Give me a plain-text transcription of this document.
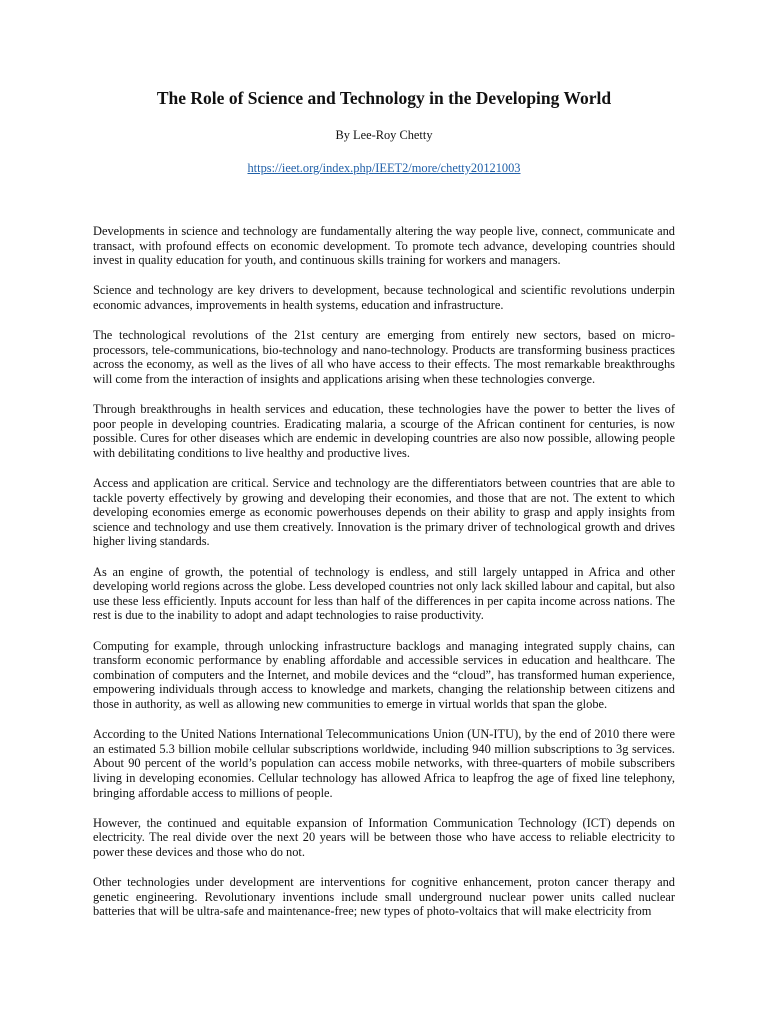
The Role of Science and Technology in the Developing World

By Lee-Roy Chetty

https://ieet.org/index.php/IEET2/more/chetty20121003

Developments in science and technology are fundamentally altering the way people live, connect, communicate and transact, with profound effects on economic development. To promote tech advance, developing countries should invest in quality education for youth, and continuous skills training for workers and managers.

Science and technology are key drivers to development, because technological and scientific revolutions underpin economic advances, improvements in health systems, education and infrastructure.

The technological revolutions of the 21st century are emerging from entirely new sectors, based on micro-processors, tele-communications, bio-technology and nano-technology. Products are transforming business practices across the economy, as well as the lives of all who have access to their effects. The most remarkable breakthroughs will come from the interaction of insights and applications arising when these technologies converge.

Through breakthroughs in health services and education, these technologies have the power to better the lives of poor people in developing countries. Eradicating malaria, a scourge of the African continent for centuries, is now possible. Cures for other diseases which are endemic in developing countries are also now possible, allowing people with debilitating conditions to live healthy and productive lives.

Access and application are critical. Service and technology are the differentiators between countries that are able to tackle poverty effectively by growing and developing their economies, and those that are not. The extent to which developing economies emerge as economic powerhouses depends on their ability to grasp and apply insights from science and technology and use them creatively. Innovation is the primary driver of technological growth and drives higher living standards.

As an engine of growth, the potential of technology is endless, and still largely untapped in Africa and other developing world regions across the globe. Less developed countries not only lack skilled labour and capital, but also use these less efficiently. Inputs account for less than half of the differences in per capita income across nations. The rest is due to the inability to adopt and adapt technologies to raise productivity.

Computing for example, through unlocking infrastructure backlogs and managing integrated supply chains, can transform economic performance by enabling affordable and accessible services in education and healthcare. The combination of computers and the Internet, and mobile devices and the “cloud”, has transformed human experience, empowering individuals through access to knowledge and markets, changing the relationship between citizens and those in authority, as well as allowing new communities to emerge in virtual worlds that span the globe.

According to the United Nations International Telecommunications Union (UN-ITU), by the end of 2010 there were an estimated 5.3 billion mobile cellular subscriptions worldwide, including 940 million subscriptions to 3g services. About 90 percent of the world’s population can access mobile networks, with three-quarters of mobile subscribers living in developing economies. Cellular technology has allowed Africa to leapfrog the age of fixed line telephony, bringing affordable access to millions of people.

However, the continued and equitable expansion of Information Communication Technology (ICT) depends on electricity. The real divide over the next 20 years will be between those who have access to reliable electricity to power these devices and those who do not.

Other technologies under development are interventions for cognitive enhancement, proton cancer therapy and genetic engineering. Revolutionary inventions include small underground nuclear power units called nuclear batteries that will be ultra-safe and maintenance-free; new types of photo-voltaics that will make electricity from
